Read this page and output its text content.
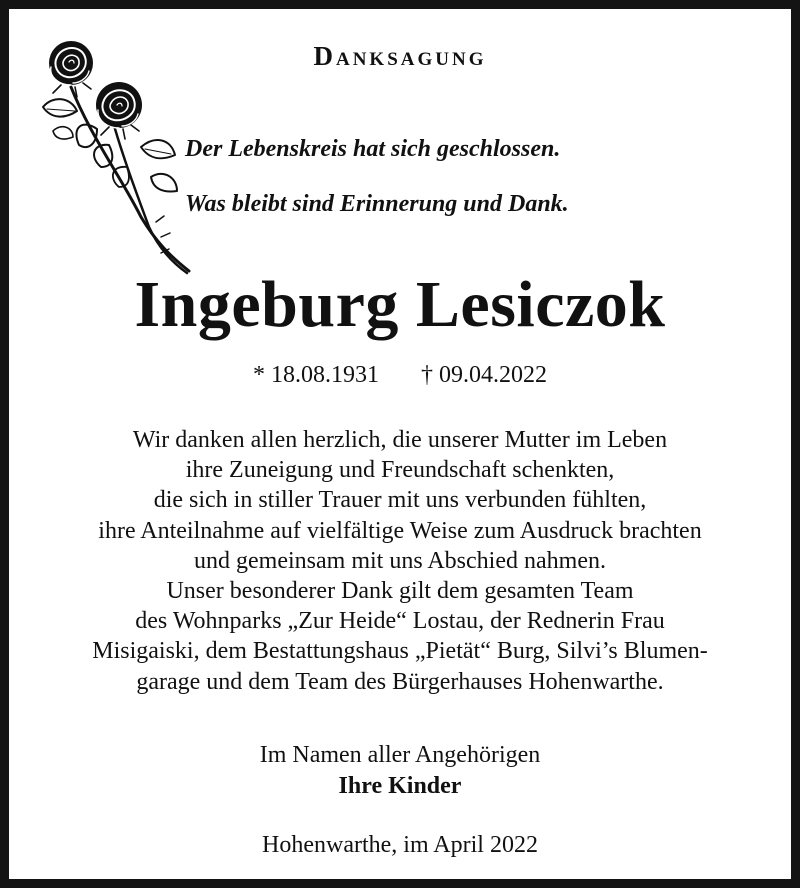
Danksagung
Der Lebenskreis hat sich geschlossen.
Was bleibt sind Erinnerung und Dank.
Ingeburg Lesiczok
* 18.08.1931 † 09.04.2022
Wir danken allen herzlich, die unserer Mutter im Leben
ihre Zuneigung und Freundschaft schenkten,
die sich in stiller Trauer mit uns verbunden fühlten,
ihre Anteilnahme auf vielfältige Weise zum Ausdruck brachten
und gemeinsam mit uns Abschied nahmen.
Unser besonderer Dank gilt dem gesamten Team
des Wohnparks „Zur Heide“ Lostau, der Rednerin Frau
Misigaiski, dem Bestattungshaus „Pietät“ Burg, Silvi’s Blumen-
garage und dem Team des Bürgerhauses Hohenwarthe.
Im Namen aller Angehörigen
Ihre Kinder
Hohenwarthe, im April 2022
